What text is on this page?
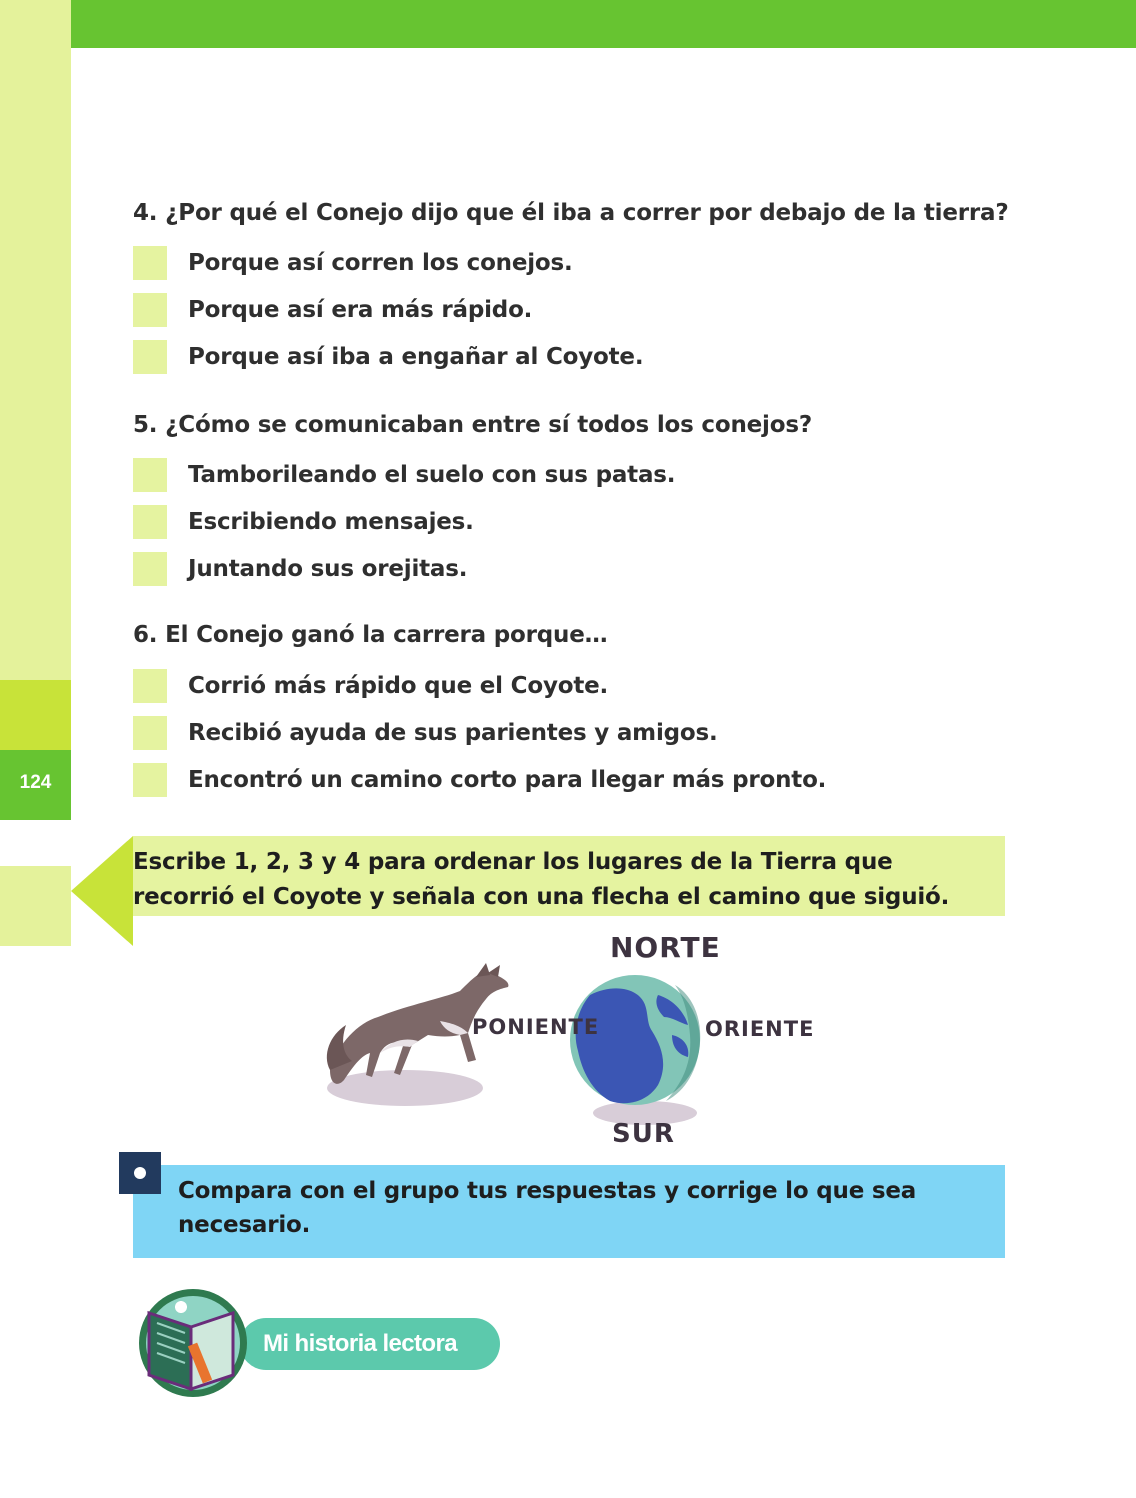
124
4. ¿Por qué el Conejo dijo que él iba a correr por debajo de la tierra?
Porque así corren los conejos.
Porque así era más rápido.
Porque así iba a engañar al Coyote.
5. ¿Cómo se comunicaban entre sí todos los conejos?
Tamborileando el suelo con sus patas.
Escribiendo mensajes.
Juntando sus orejitas.
6. El Conejo ganó la carrera porque…
Corrió más rápido que el Coyote.
Recibió ayuda de sus parientes y amigos.
Encontró un camino corto para llegar más pronto.
Escribe 1, 2, 3 y 4 para ordenar los lugares de la Tierra que recorrió el Coyote y señala con una flecha el camino que siguió.
NORTE
PONIENTE	ORIENTE
SUR
Compara con el grupo tus respuestas y corrige lo que sea necesario.
Mi historia lectora
